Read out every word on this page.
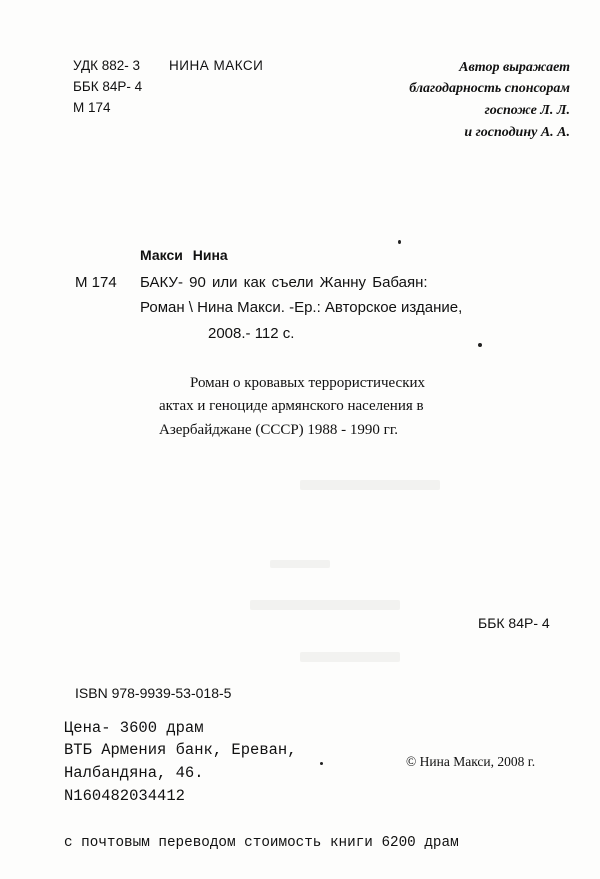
УДК 882- 3 НИНА МАКСИ
ББК 84Р- 4
М 174
Автор выражает
благодарность спонсорам
госпоже Л. Л.
и господину А. А.
Макси Нина
М 174 БАКУ- 90 или как съели Жанну Бабаян:
Роман \ Нина Макси. -Ер.: Авторское издание,
2008.- 112 с.
Роман о кровавых террористических
актах и геноциде армянского населения в
Азербайджане (СССР) 1988 - 1990 гг.
ББК 84Р- 4
ISBN 978-9939-53-018-5
Цена- 3600 драм
ВТБ Армения банк, Ереван,
Налбандяна, 46.
N160482034412
© Нина Макси, 2008 г.
с почтовым переводом стоимость книги 6200 драм
